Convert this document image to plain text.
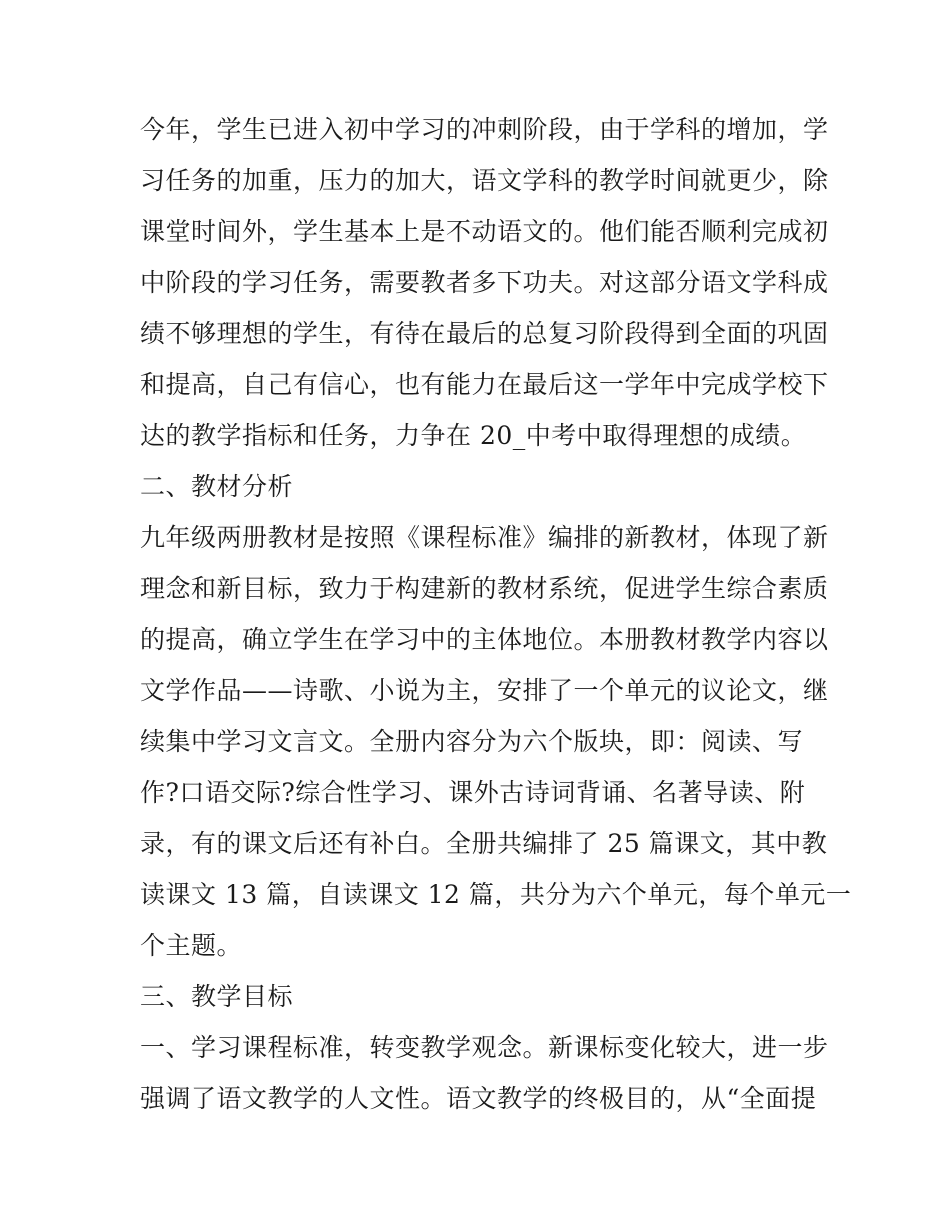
今年，学生已进入初中学习的冲刺阶段，由于学科的增加，学
习任务的加重，压力的加大，语文学科的教学时间就更少，除
课堂时间外，学生基本上是不动语文的。他们能否顺利完成初
中阶段的学习任务，需要教者多下功夫。对这部分语文学科成
绩不够理想的学生，有待在最后的总复习阶段得到全面的巩固
和提高，自己有信心，也有能力在最后这一学年中完成学校下
达的教学指标和任务，力争在 20_中考中取得理想的成绩。
二、教材分析
九年级两册教材是按照《课程标准》编排的新教材，体现了新
理念和新目标，致力于构建新的教材系统，促进学生综合素质
的提高，确立学生在学习中的主体地位。本册教材教学内容以
文学作品——诗歌、小说为主，安排了一个单元的议论文，继
续集中学习文言文。全册内容分为六个版块，即：阅读、写
作?口语交际?综合性学习、课外古诗词背诵、名著导读、附
录，有的课文后还有补白。全册共编排了 25 篇课文，其中教
读课文 13 篇，自读课文 12 篇，共分为六个单元，每个单元一
个主题。
三、教学目标
一、学习课程标准，转变教学观念。新课标变化较大，进一步
强调了语文教学的人文性。语文教学的终极目的，从“全面提
